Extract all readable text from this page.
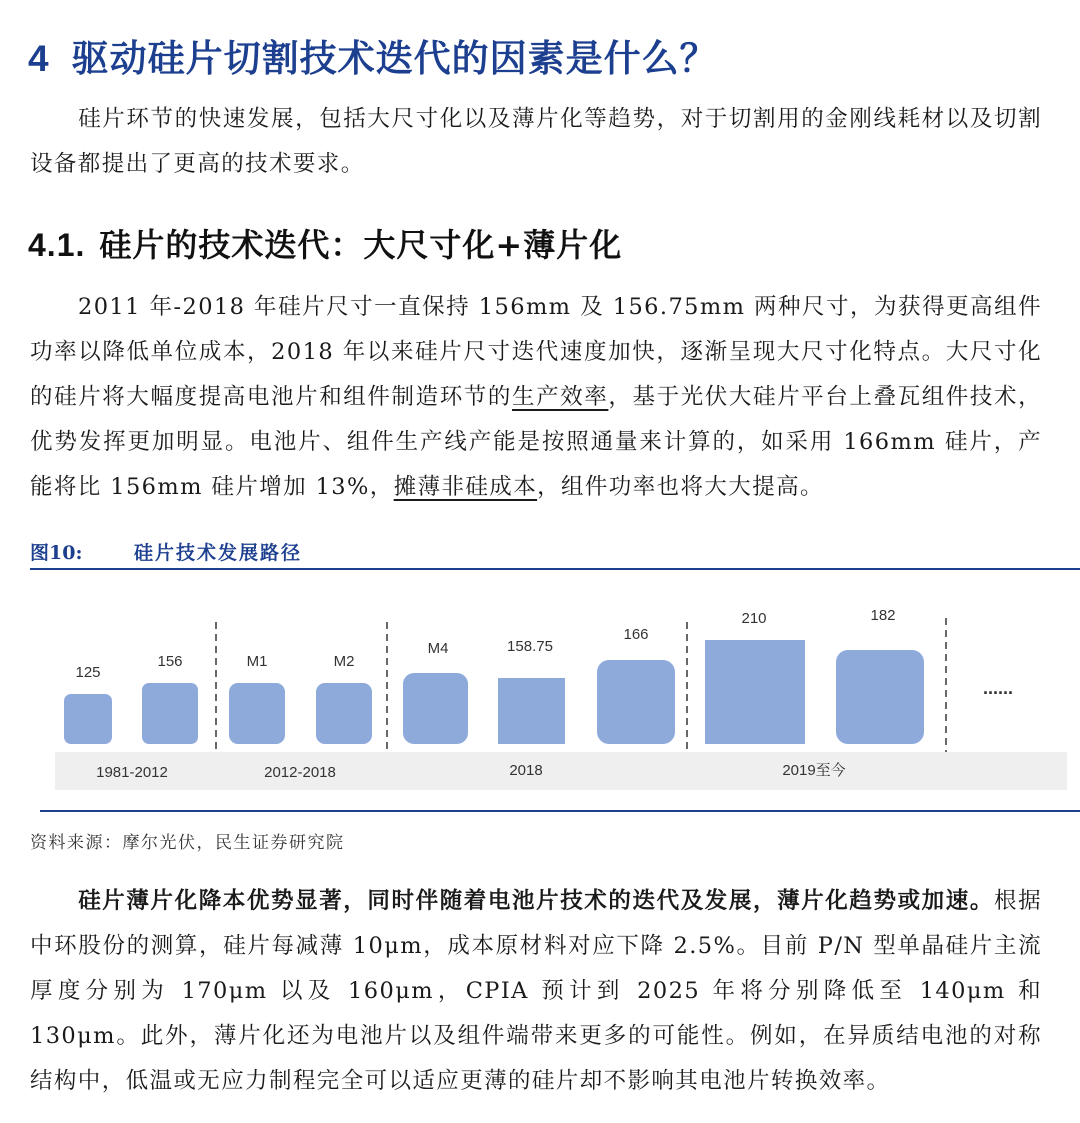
4 驱动硅片切割技术迭代的因素是什么？
硅片环节的快速发展，包括大尺寸化以及薄片化等趋势，对于切割用的金刚线耗材以及切割设备都提出了更高的技术要求。
4.1. 硅片的技术迭代：大尺寸化+薄片化
2011 年-2018 年硅片尺寸一直保持 156mm 及 156.75mm 两种尺寸，为获得更高组件功率以降低单位成本，2018 年以来硅片尺寸迭代速度加快，逐渐呈现大尺寸化特点。大尺寸化的硅片将大幅度提高电池片和组件制造环节的生产效率，基于光伏大硅片平台上叠瓦组件技术，优势发挥更加明显。电池片、组件生产线产能是按照通量来计算的，如采用 166mm 硅片，产能将比 156mm 硅片增加 13%，摊薄非硅成本，组件功率也将大大提高。
图10:	硅片技术发展路径
125
156	M1	M2
M4	158.75
166
210	182
......
1981-2012	2012-2018	2018	2019至今
资料来源：摩尔光伏，民生证券研究院
硅片薄片化降本优势显著，同时伴随着电池片技术的迭代及发展，薄片化趋势或加速。根据中环股份的测算，硅片每减薄 10μm，成本原材料对应下降 2.5%。目前 P/N 型单晶硅片主流厚度分别为 170μm 以及 160μm，CPIA 预计到 2025 年将分别降低至 140μm 和 130μm。此外，薄片化还为电池片以及组件端带来更多的可能性。例如，在异质结电池的对称结构中，低温或无应力制程完全可以适应更薄的硅片却不影响其电池片转换效率。
